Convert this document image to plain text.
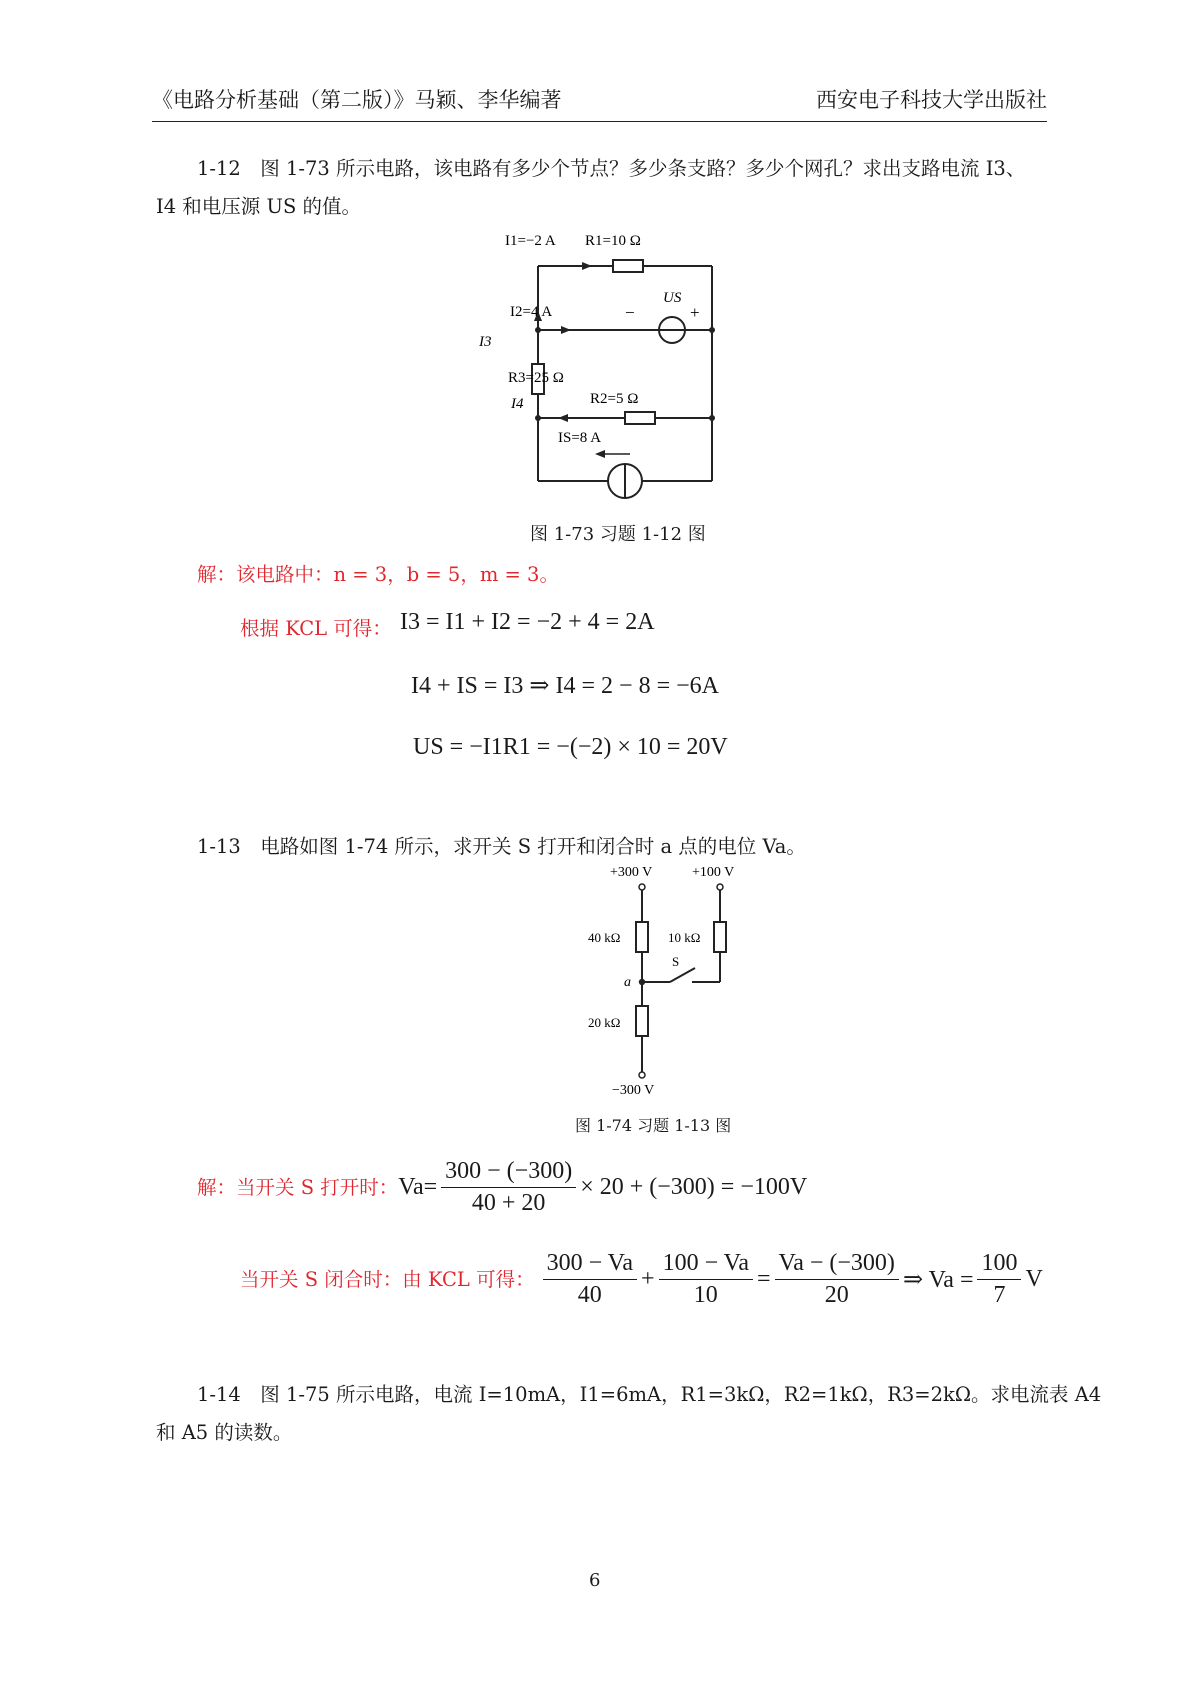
《电路分析基础（第二版）》马颖、李华编著	西安电子科技大学出版社
1-12　图 1-73 所示电路，该电路有多少个节点？多少条支路？多少个网孔？求出支路电流 I3、
I4 和电压源 US 的值。
I1=−2 A R1=10 Ω
US
I2=4 A	−	+
I3
R3=25 Ω
I4	R2=5 Ω
IS=8 A
图 1-73 习题 1-12 图
解：该电路中：n = 3，b = 5，m = 3。
根据 KCL 可得： I3 = I1 + I2 = −2 + 4 = 2A
I4 + IS = I3 ⇒ I4 = 2 − 8 = −6A
US = −I1R1 = −(−2) × 10 = 20V
1-13　电路如图 1-74 所示，求开关 S 打开和闭合时 a 点的电位 Va。
+300 V	+100 V
40 kΩ	10 kΩ
S
a
20 kΩ
−300 V
图 1-74 习题 1-13 图
解：当开关 S 打开时： $Va= \frac{300 - (-300)}{40 + 20} \times 20 + (-300) = -100V$
当开关 S 闭合时：由 KCL 可得： $\frac{300 - Va}{40} + \frac{100 - Va}{10} = \frac{Va - (-300)}{20}$ ⇒ $Va = \frac{100}{7}$ V
1-14　图 1-75 所示电路，电流 I=10mA，I1=6mA，R1=3kΩ，R2=1kΩ，R3=2kΩ。求电流表 A4
和 A5 的读数。
6
